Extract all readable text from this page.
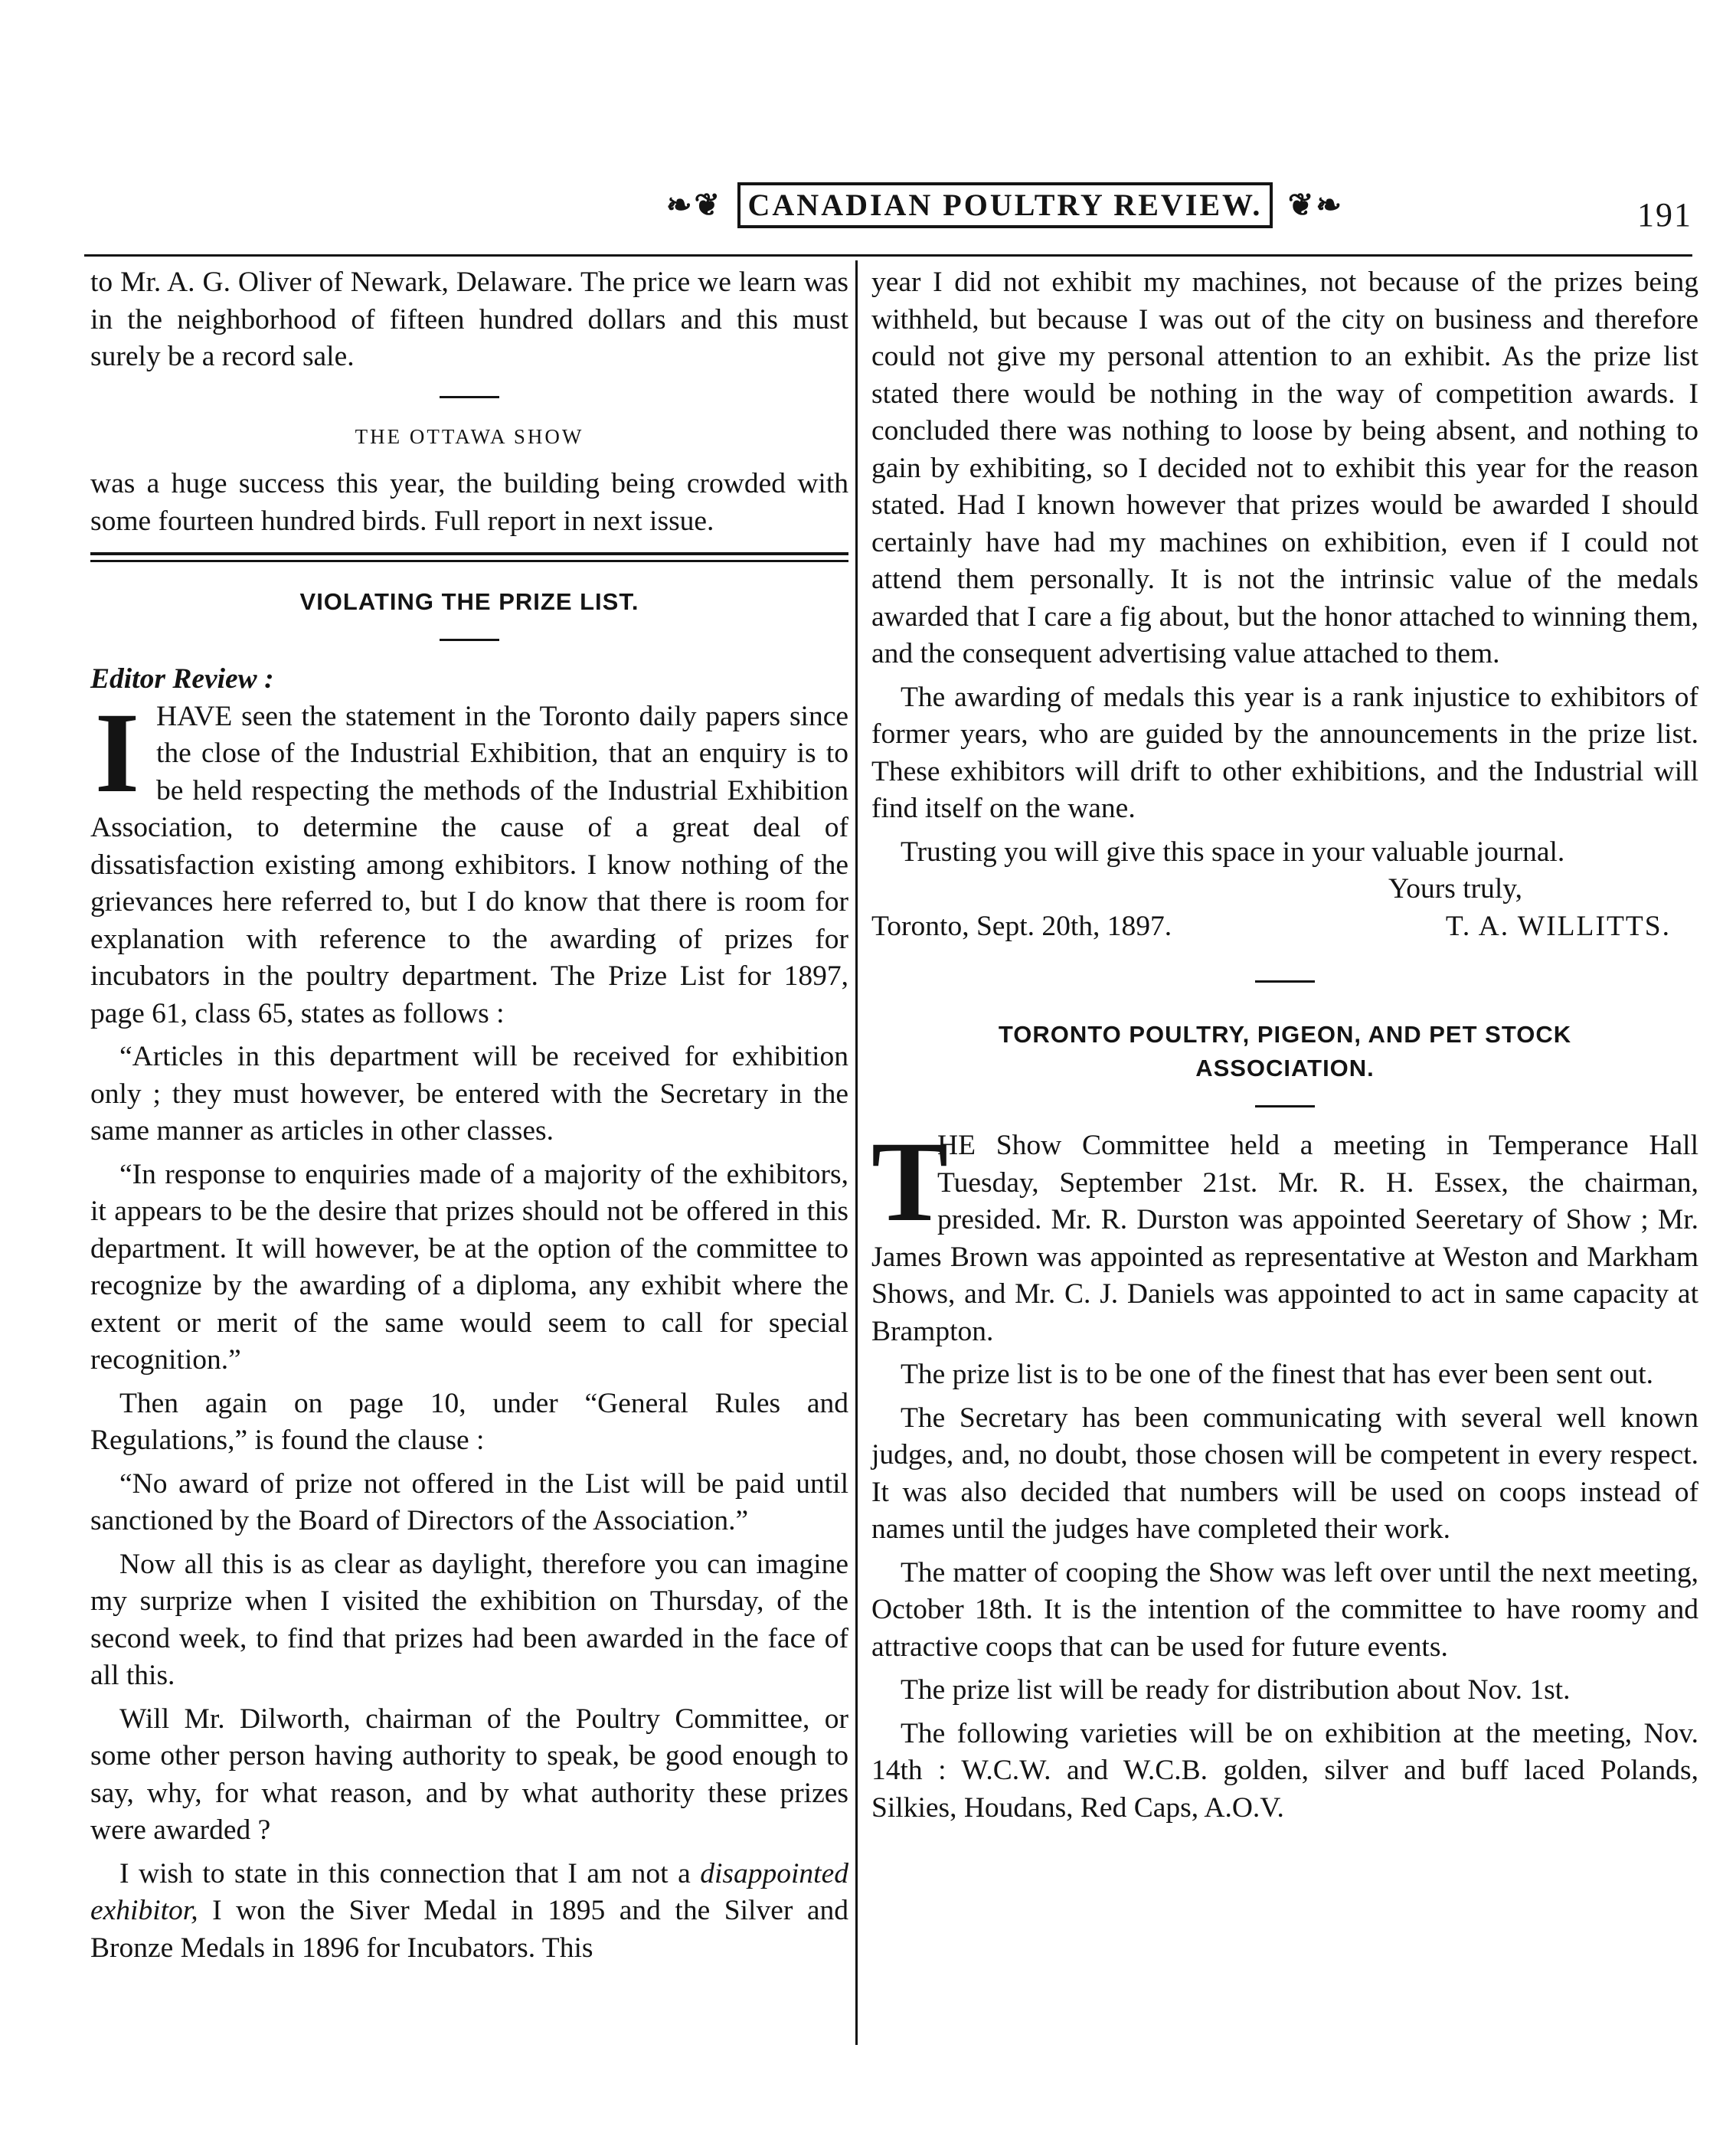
❧❦ CANADIAN POULTRY REVIEW. ❦❧	191

to Mr. A. G. Oliver of Newark, Delaware. The price we learn was in the neighborhood of fifteen hundred dollars and this must surely be a record sale.

THE OTTAWA SHOW

was a huge success this year, the building being crowded with some fourteen hundred birds. Full report in next issue.

VIOLATING THE PRIZE LIST.

Editor Review :

IHAVE seen the statement in the Toronto daily papers since the close of the Industrial Exhibition, that an enquiry is to be held respecting the methods of the Industrial Exhibition Association, to determine the cause of a great deal of dissatisfaction existing among exhibitors. I know nothing of the grievances here referred to, but I do know that there is room for explanation with reference to the awarding of prizes for incubators in the poultry department. The Prize List for 1897, page 61, class 65, states as follows :

“Articles in this department will be received for exhibition only ; they must however, be entered with the Secretary in the same manner as articles in other classes.

“In response to enquiries made of a majority of the exhibitors, it appears to be the desire that prizes should not be offered in this department. It will however, be at the option of the committee to recognize by the awarding of a diploma, any exhibit where the extent or merit of the same would seem to call for special recognition.”

Then again on page 10, under “General Rules and Regulations,” is found the clause :

“No award of prize not offered in the List will be paid until sanctioned by the Board of Directors of the Association.”

Now all this is as clear as daylight, therefore you can imagine my surprize when I visited the exhibition on Thursday, of the second week, to find that prizes had been awarded in the face of all this.

Will Mr. Dilworth, chairman of the Poultry Committee, or some other person having authority to speak, be good enough to say, why, for what reason, and by what authority these prizes were awarded ?

I wish to state in this connection that I am not a disappointed exhibitor, I won the Siver Medal in 1895 and the Silver and Bronze Medals in 1896 for Incubators. This

year I did not exhibit my machines, not because of the prizes being withheld, but because I was out of the city on business and therefore could not give my personal attention to an exhibit. As the prize list stated there would be nothing in the way of competition awards. I concluded there was nothing to loose by being absent, and nothing to gain by exhibiting, so I decided not to exhibit this year for the reason stated. Had I known however that prizes would be awarded I should certainly have had my machines on exhibition, even if I could not attend them personally. It is not the intrinsic value of the medals awarded that I care a fig about, but the honor attached to winning them, and the consequent advertising value attached to them.

The awarding of medals this year is a rank injustice to exhibitors of former years, who are guided by the announcements in the prize list. These exhibitors will drift to other exhibitions, and the Industrial will find itself on the wane.

Trusting you will give this space in your valuable journal.

Yours truly,

Toronto, Sept. 20th, 1897.	T. A. WILLITTS.
TORONTO POULTRY, PIGEON, AND PET STOCK ASSOCIATION.

T
HE Show Committee held a meeting in Temperance Hall Tuesday, September 21st. Mr. R. H. Essex, the chairman, presided. Mr. R. Durston was appointed Seeretary of Show ; Mr. James Brown was appointed as representative at Weston and Markham Shows, and Mr. C. J. Daniels was appointed to act in same capacity at Brampton.

The prize list is to be one of the finest that has ever been sent out.

The Secretary has been communicating with several well known judges, and, no doubt, those chosen will be competent in every respect. It was also decided that numbers will be used on coops instead of names until the judges have completed their work.

The matter of cooping the Show was left over until the next meeting, October 18th. It is the intention of the committee to have roomy and attractive coops that can be used for future events.

The prize list will be ready for distribution about Nov. 1st.

The following varieties will be on exhibition at the meeting, Nov. 14th : W.C.W. and W.C.B. golden, silver and buff laced Polands, Silkies, Houdans, Red Caps, A.O.V.
